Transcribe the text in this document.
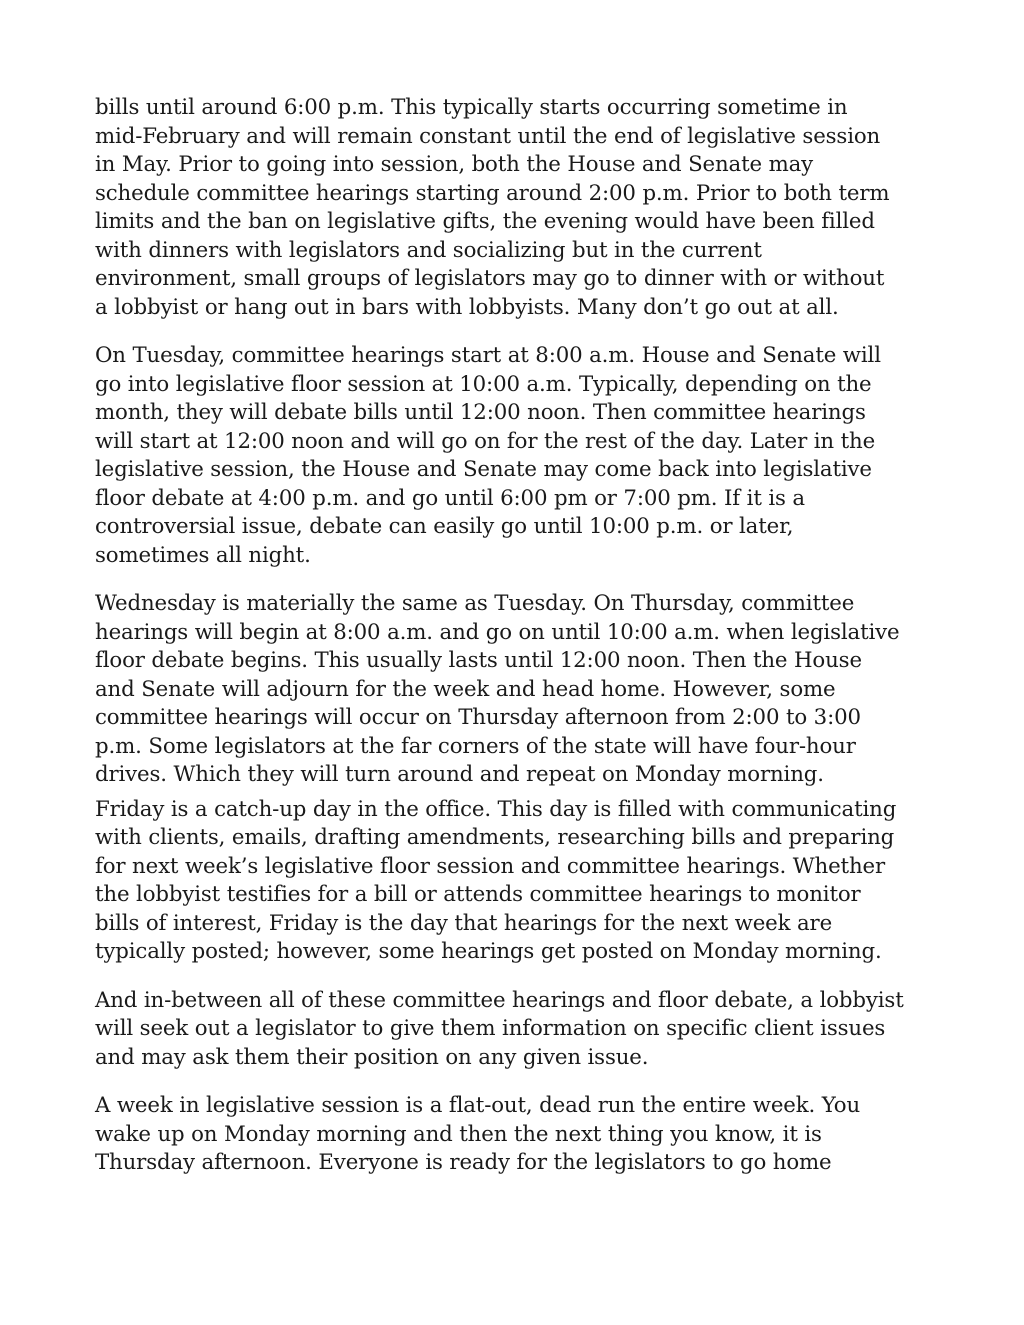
bills until around 6:00 p.m. This typically starts occurring sometime in
mid-February and will remain constant until the end of legislative session
in May. Prior to going into session, both the House and Senate may
schedule committee hearings starting around 2:00 p.m. Prior to both term
limits and the ban on legislative gifts, the evening would have been filled
with dinners with legislators and socializing but in the current
environment, small groups of legislators may go to dinner with or without
a lobbyist or hang out in bars with lobbyists. Many don’t go out at all.

On Tuesday, committee hearings start at 8:00 a.m. House and Senate will
go into legislative floor session at 10:00 a.m. Typically, depending on the
month, they will debate bills until 12:00 noon. Then committee hearings
will start at 12:00 noon and will go on for the rest of the day. Later in the
legislative session, the House and Senate may come back into legislative
floor debate at 4:00 p.m. and go until 6:00 pm or 7:00 pm. If it is a
controversial issue, debate can easily go until 10:00 p.m. or later,
sometimes all night.

Wednesday is materially the same as Tuesday. On Thursday, committee
hearings will begin at 8:00 a.m. and go on until 10:00 a.m. when legislative
floor debate begins. This usually lasts until 12:00 noon. Then the House
and Senate will adjourn for the week and head home. However, some
committee hearings will occur on Thursday afternoon from 2:00 to 3:00
p.m. Some legislators at the far corners of the state will have four-hour
drives. Which they will turn around and repeat on Monday morning.

Friday is a catch-up day in the office. This day is filled with communicating
with clients, emails, drafting amendments, researching bills and preparing
for next week’s legislative floor session and committee hearings. Whether
the lobbyist testifies for a bill or attends committee hearings to monitor
bills of interest, Friday is the day that hearings for the next week are
typically posted; however, some hearings get posted on Monday morning.

And in-between all of these committee hearings and floor debate, a lobbyist
will seek out a legislator to give them information on specific client issues
and may ask them their position on any given issue.

A week in legislative session is a flat-out, dead run the entire week. You
wake up on Monday morning and then the next thing you know, it is
Thursday afternoon. Everyone is ready for the legislators to go home
